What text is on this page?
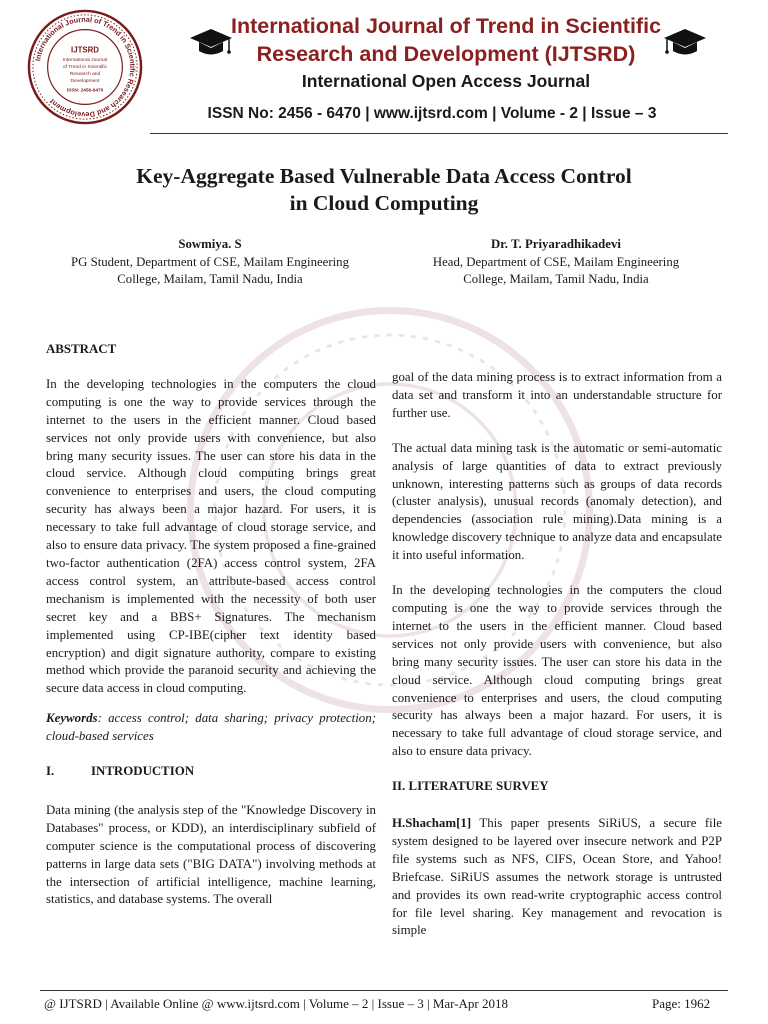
International Journal of Trend in Scientific Research and Development
IJTSRD
International Journal
of Trend in Scientific
Research and
Development
ISSN: 2456-6470
International Journal of Trend in Scientific
Research and Development (IJTSRD)
International Open Access Journal
ISSN No: 2456 - 6470 | www.ijtsrd.com | Volume - 2 | Issue – 3
Key-Aggregate Based Vulnerable Data Access Control
in Cloud Computing
Sowmiya. S
PG Student, Department of CSE, Mailam Engineering
College, Mailam, Tamil Nadu, India
Dr. T. Priyaradhikadevi
Head, Department of CSE, Mailam Engineering
College, Mailam, Tamil Nadu, India
ABSTRACT

In the developing technologies in the computers the cloud computing is one the way to provide services through the internet to the users in the efficient manner. Cloud based services not only provide users with convenience, but also bring many security issues. The user can store his data in the cloud service. Although cloud computing brings great convenience to enterprises and users, the cloud computing security has always been a major hazard. For users, it is necessary to take full advantage of cloud storage service, and also to ensure data privacy. The system proposed a fine-grained two-factor authentication (2FA) access control system, 2FA access control system, an attribute-based access control mechanism is implemented with the necessity of both user secret key and a BBS+ Signatures. The mechanism implemented using CP-IBE(cipher text identity based encryption) and digit signature authority, compare to existing method which provide the paranoid security and achieving the secure data access in cloud computing.

Keywords: access control; data sharing; privacy protection; cloud-based services

I.	INTRODUCTION

Data mining (the analysis step of the "Knowledge Discovery in Databases" process, or KDD), an interdisciplinary subfield of computer science is the computational process of discovering patterns in large data sets ("BIG DATA") involving methods at the intersection of artificial intelligence, machine learning, statistics, and database systems. The overall

goal of the data mining process is to extract information from a data set and transform it into an understandable structure for further use.

The actual data mining task is the automatic or semi-automatic analysis of large quantities of data to extract previously unknown, interesting patterns such as groups of data records (cluster analysis), unusual records (anomaly detection), and dependencies (association rule mining).Data mining is a knowledge discovery technique to analyze data and encapsulate it into useful information.

In the developing technologies in the computers the cloud computing is one the way to provide services through the internet to the users in the efficient manner. Cloud based services not only provide users with convenience, but also bring many security issues. The user can store his data in the cloud service. Although cloud computing brings great convenience to enterprises and users, the cloud computing security has always been a major hazard. For users, it is necessary to take full advantage of cloud storage service, and also to ensure data privacy.

II. LITERATURE SURVEY

H.Shacham[1] This paper presents SiRiUS, a secure file system designed to be layered over insecure network and P2P file systems such as NFS, CIFS, Ocean Store, and Yahoo! Briefcase. SiRiUS assumes the network storage is untrusted and provides its own read-write cryptographic access control for file level sharing. Key management and revocation is simple

@ IJTSRD | Available Online @ www.ijtsrd.com | Volume – 2 | Issue – 3 | Mar-Apr 2018	Page: 1962
